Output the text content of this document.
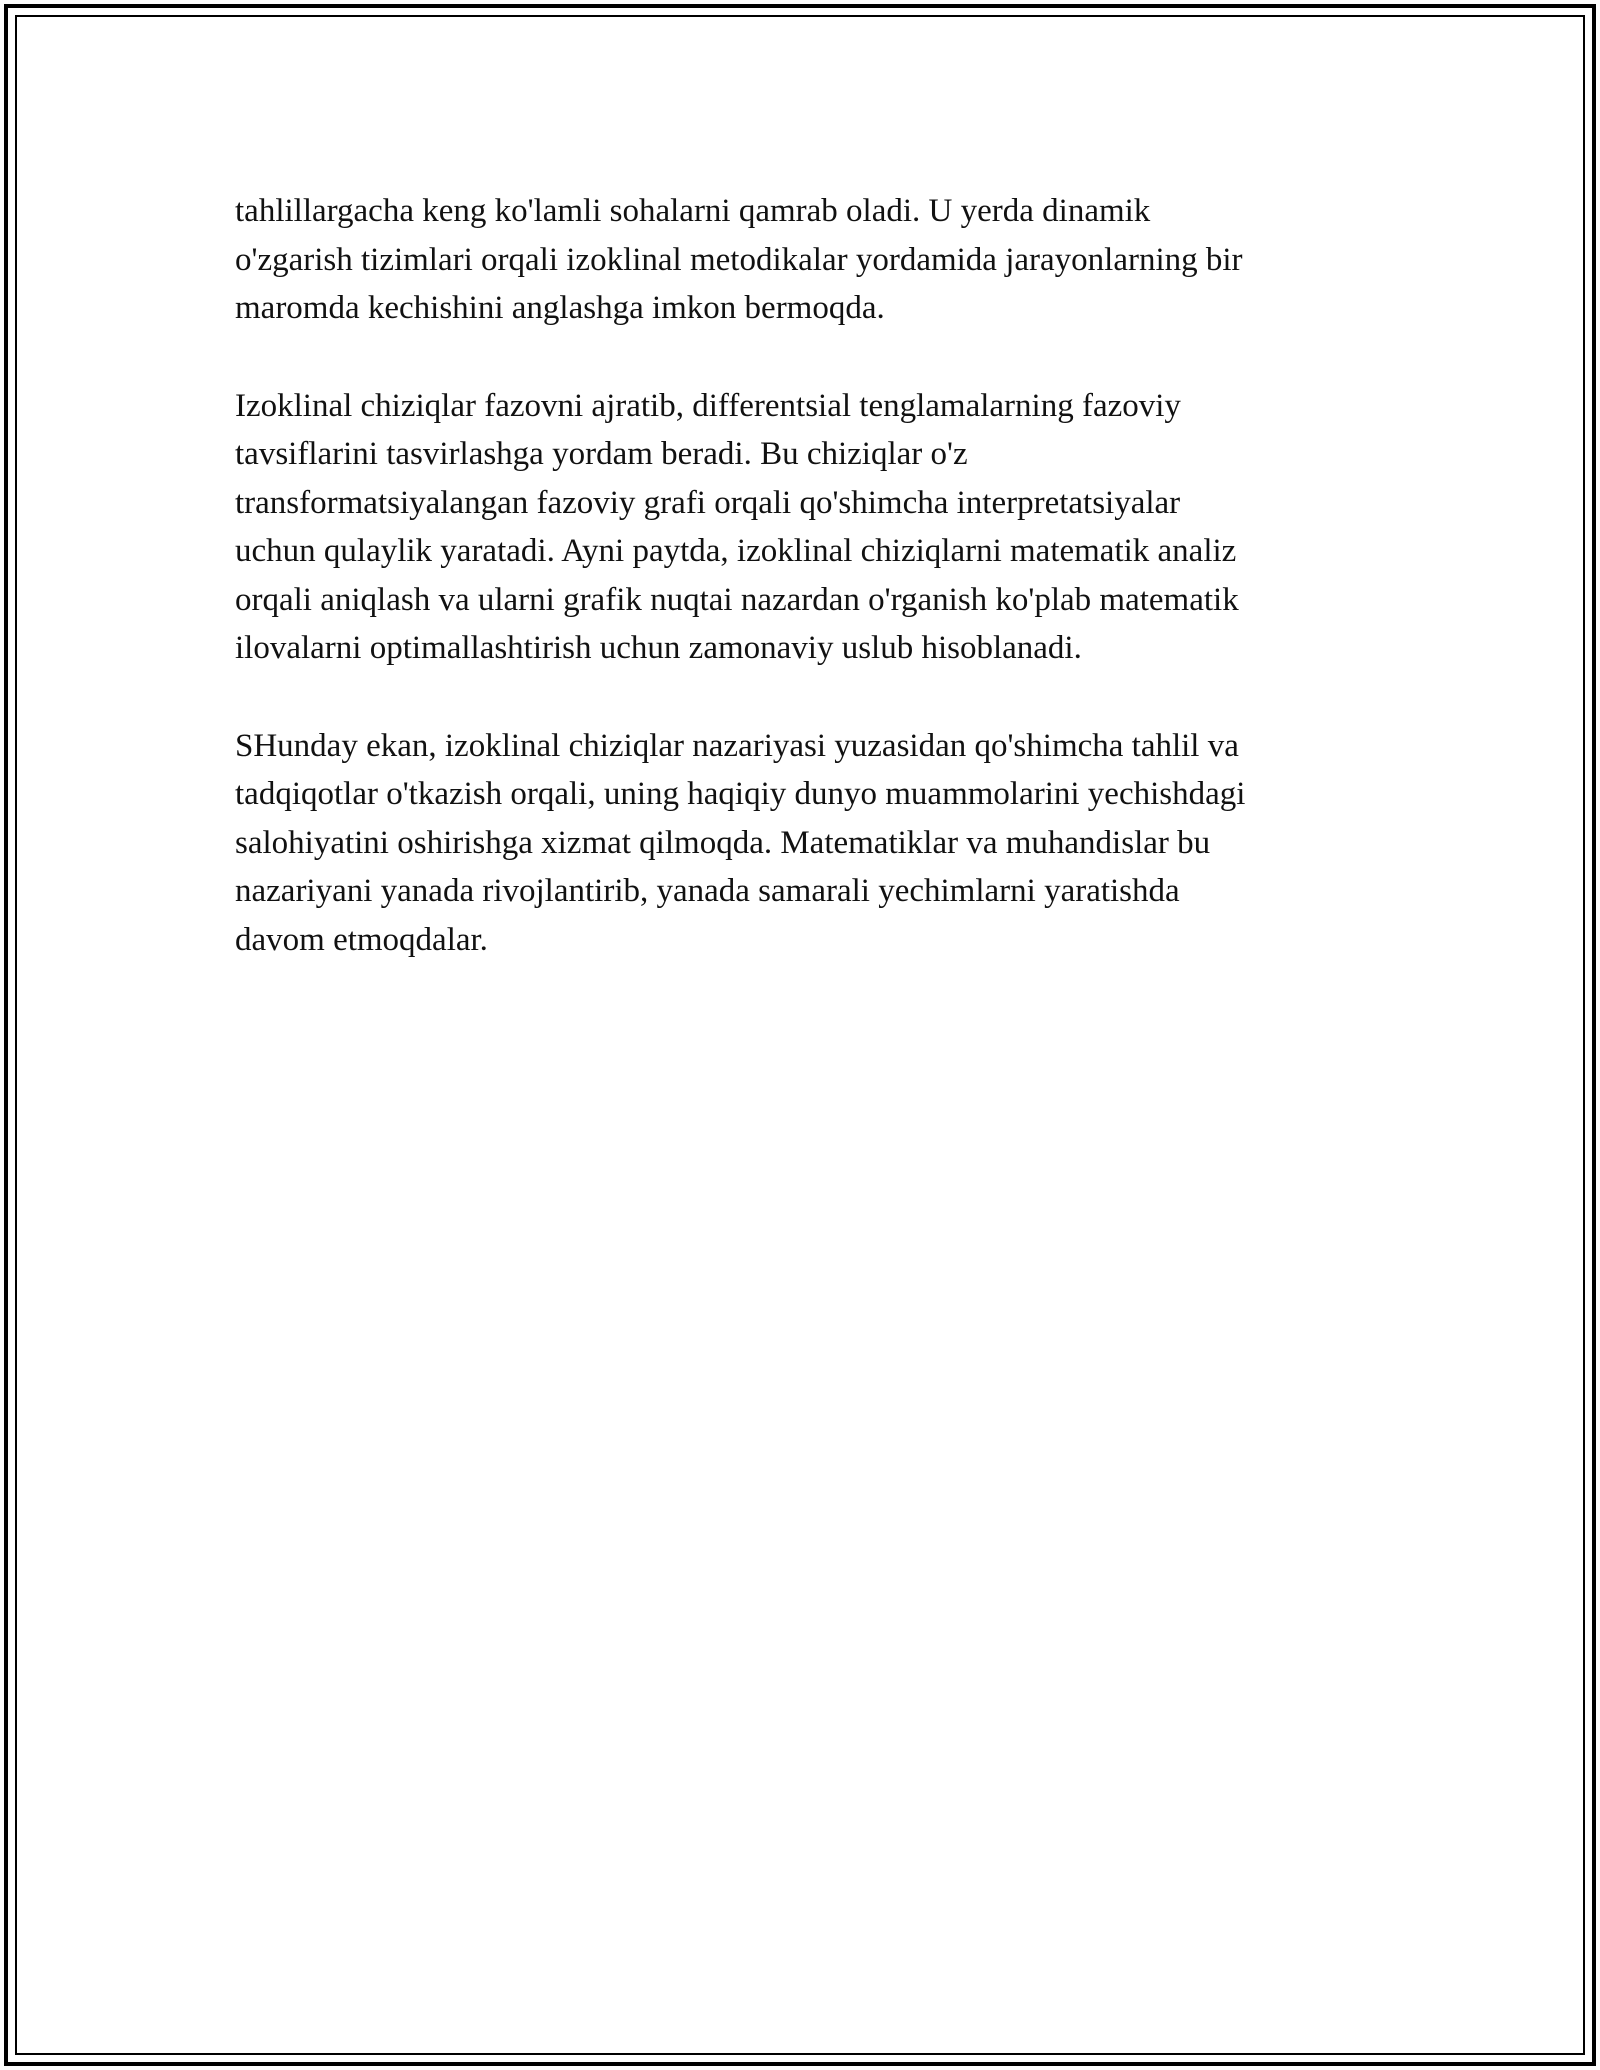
tahlillargacha keng ko'lamli sohalarni qamrab oladi. U yerda dinamik
o'zgarish tizimlari orqali izoklinal metodikalar yordamida jarayonlarning bir
maromda kechishini anglashga imkon bermoqda.

Izoklinal chiziqlar fazovni ajratib, differentsial tenglamalarning fazoviy
tavsiflarini tasvirlashga yordam beradi. Bu chiziqlar o'z
transformatsiyalangan fazoviy grafi orqali qo'shimcha interpretatsiyalar
uchun qulaylik yaratadi. Ayni paytda, izoklinal chiziqlarni matematik analiz
orqali aniqlash va ularni grafik nuqtai nazardan o'rganish ko'plab matematik
ilovalarni optimallashtirish uchun zamonaviy uslub hisoblanadi.

SHunday ekan, izoklinal chiziqlar nazariyasi yuzasidan qo'shimcha tahlil va
tadqiqotlar o'tkazish orqali, uning haqiqiy dunyo muammolarini yechishdagi
salohiyatini oshirishga xizmat qilmoqda. Matematiklar va muhandislar bu
nazariyani yanada rivojlantirib, yanada samarali yechimlarni yaratishda
davom etmoqdalar.
